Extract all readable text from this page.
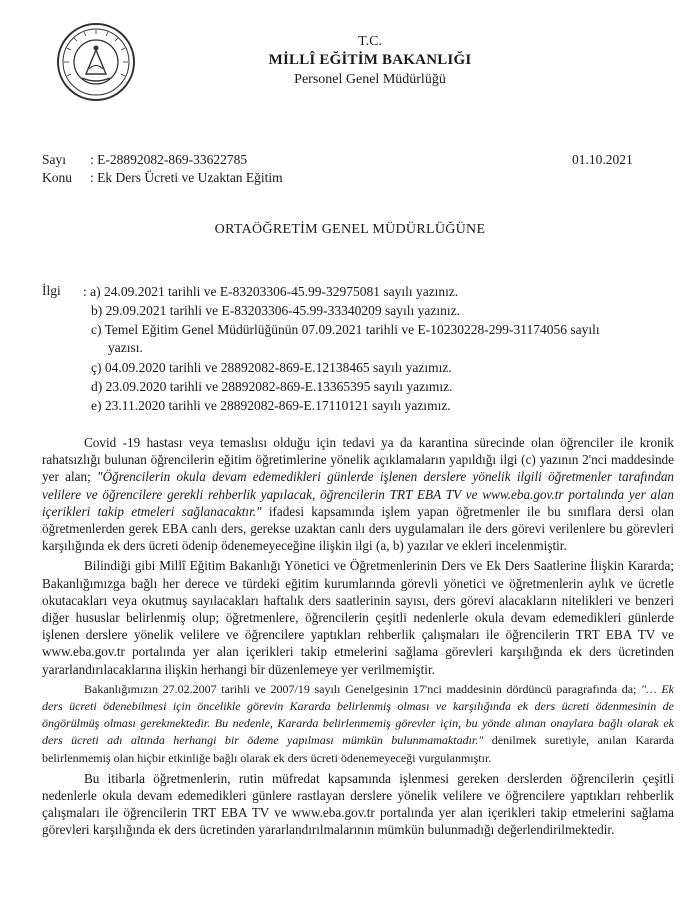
T.C.
MİLLÎ EĞİTİM BAKANLIĞI
Personel Genel Müdürlüğü
Sayı : E-28892082-869-33622785
Konu : Ek Ders Ücreti ve Uzaktan Eğitim
01.10.2021
ORTAÖĞRETİM GENEL MÜDÜRLÜĞÜNE
İlgi : a) 24.09.2021 tarihli ve E-83203306-45.99-32975081 sayılı yazınız.
b) 29.09.2021 tarihli ve E-83203306-45.99-33340209 sayılı yazınız.
c) Temel Eğitim Genel Müdürlüğünün 07.09.2021 tarihli ve E-10230228-299-31174056 sayılı
yazısı.
ç) 04.09.2020 tarihli ve 28892082-869-E.12138465 sayılı yazımız.
d) 23.09.2020 tarihli ve 28892082-869-E.13365395 sayılı yazımız.
e) 23.11.2020 tarihli ve 28892082-869-E.17110121 sayılı yazımız.

Covid -19 hastası veya temaslısı olduğu için tedavi ya da karantina sürecinde olan öğrenciler ile kronik rahatsızlığı bulunan öğrencilerin eğitim öğretimlerine yönelik açıklamaların yapıldığı ilgi (c) yazının 2'nci maddesinde yer alan; "Öğrencilerin okula devam edemedikleri günlerde işlenen derslere yönelik ilgili öğretmenler tarafından velilere ve öğrencilere gerekli rehberlik yapılacak, öğrencilerin TRT EBA TV ve www.eba.gov.tr portalında yer alan içerikleri takip etmeleri sağlanacaktır." ifadesi kapsamında işlem yapan öğretmenler ile bu sınıflara dersi olan öğretmenlerden gerek EBA canlı ders, gerekse uzaktan canlı ders uygulamaları ile ders görevi verilenlere bu görevleri karşılığında ek ders ücreti ödenip ödenemeyeceğine ilişkin ilgi (a, b) yazılar ve ekleri incelenmiştir.

Bilindiği gibi Millî Eğitim Bakanlığı Yönetici ve Öğretmenlerinin Ders ve Ek Ders Saatlerine İlişkin Kararda; Bakanlığımızga bağlı her derece ve türdeki eğitim kurumlarında görevli yönetici ve öğretmenlerin aylık ve ücretle okutacakları veya okutmuş sayılacakları haftalık ders saatlerinin sayısı, ders görevi alacakların nitelikleri ve benzeri diğer hususlar belirlenmiş olup; öğretmenlere, öğrencilerin çeşitli nedenlerle okula devam edemedikleri günlerde işlenen derslere yönelik velilere ve öğrencilere yaptıkları rehberlik çalışmaları ile öğrencilerin TRT EBA TV ve www.eba.gov.tr portalında yer alan içerikleri takip etmelerini sağlama görevleri karşılığında ek ders ücretinden yararlandırılacaklarına ilişkin herhangi bir düzenlemeye yer verilmemiştir.

Bakanlığımızın 27.02.2007 tarihli ve 2007/19 sayılı Genelgesinin 17'nci maddesinin dördüncü paragrafında da; "… Ek ders ücreti ödenebilmesi için öncelikle görevin Kararda belirlenmiş olması ve karşılığında ek ders ücreti ödenmesinin de öngörülmüş olması gerekmektedir. Bu nedenle, Kararda belirlenmemiş görevler için, bu yönde alınan onaylara bağlı olarak ek ders ücreti adı altında herhangi bir ödeme yapılması mümkün bulunmamaktadır." denilmek suretiyle, anılan Kararda belirlenmemiş olan hiçbir etkinliğe bağlı olarak ek ders ücreti ödenemeyeceği vurgulanmıştır.

Bu itibarla öğretmenlerin, rutin müfredat kapsamında işlenmesi gereken derslerden öğrencilerin çeşitli nedenlerle okula devam edemedikleri günlere rastlayan derslere yönelik velilere ve öğrencilere yaptıkları rehberlik çalışmaları ile öğrencilerin TRT EBA TV ve www.eba.gov.tr portalında yer alan içerikleri takip etmelerini sağlama görevleri karşılığında ek ders ücretinden yararlandırılmalarının mümkün bulunmadığı değerlendirilmektedir.
